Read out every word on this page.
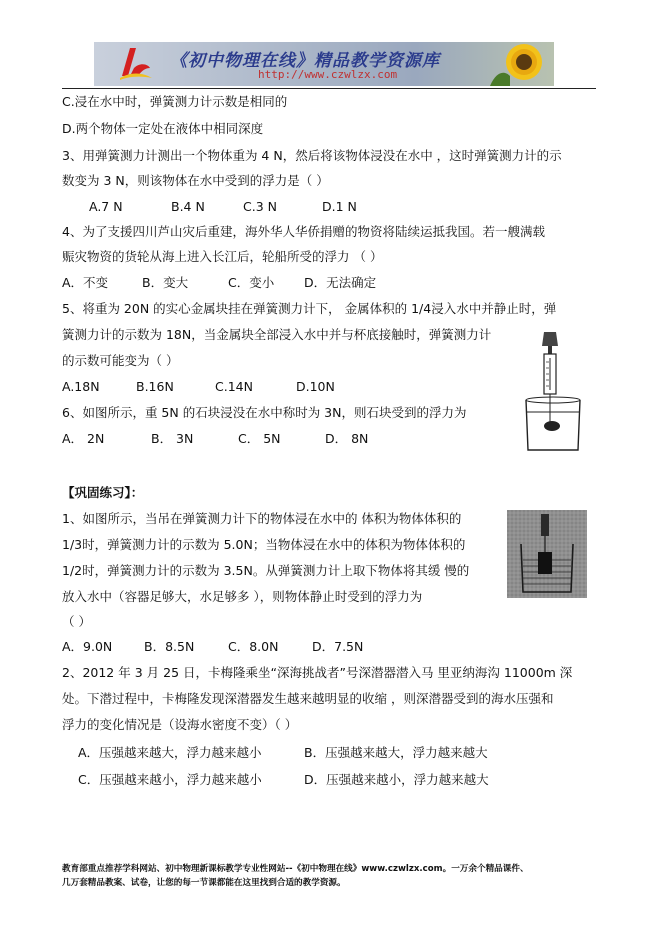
《初中物理在线》精品教学资源库
http://www.czwlzx.com
C.浸在水中时，弹簧测力计示数是相同的
D.两个物体一定处在液体中相同深度
3、用弹簧测力计测出一个物体重为 4 N，然后将该物体浸没在水中 ，这时弹簧测力计的示
数变为 3 N，则该物体在水中受到的浮力是（ ）
A.7 N	B.4 N	C.3 N	D.1 N
4、为了支援四川芦山灾后重建，海外华人华侨捐赠的物资将陆续运抵我国。若一艘满载
赈灾物资的货轮从海上进入长江后，轮船所受的浮力 （ ）
A．不变	B．变大	C．变小 D．无法确定
5、将重为 20N 的实心金属块挂在弹簧测力计下， 金属体积的 1/4浸入水中并静止时，弹
簧测力计的示数为 18N，当金属块全部浸入水中并与杯底接触时，弹簧测力计
的示数可能变为（ ）
A.18N	B.16N	C.14N	D.10N
6、如图所示，重 5N 的石块浸没在水中称时为 3N，则石块受到的浮力为
A． 2N	B． 3N	C． 5N	D． 8N
【巩固练习】：
1、如图所示，当吊在弹簧测力计下的物体浸在水中的 体积为物体体积的
1/3时，弹簧测力计的示数为 5.0N；当物体浸在水中的体积为物体体积的
1/2时，弹簧测力计的示数为 3.5N。从弹簧测力计上取下物体将其缓 慢的
放入水中（容器足够大，水足够多 ），则物体静止时受到的浮力为
（ ）
A．9.0N	B．8.5N	C．8.0N	D．7.5N
2、2012 年 3 月 25 日，卡梅隆乘坐“深海挑战者”号深潜器潜入马 里亚纳海沟 11000m 深
处。下潜过程中，卡梅隆发现深潜器发生越来越明显的收缩 ，则深潜器受到的海水压强和
浮力的变化情况是（设海水密度不变）（ ）
A．压强越来越大，浮力越来越小	B．压强越来越大，浮力越来越大
C．压强越来越小，浮力越来越小	D．压强越来越小，浮力越来越大
教育部重点推荐学科网站、初中物理新课标教学专业性网站--《初中物理在线》www.czwlzx.com。一万余个精品课件、
几万套精品教案、试卷，让您的每一节课都能在这里找到合适的教学资源。
